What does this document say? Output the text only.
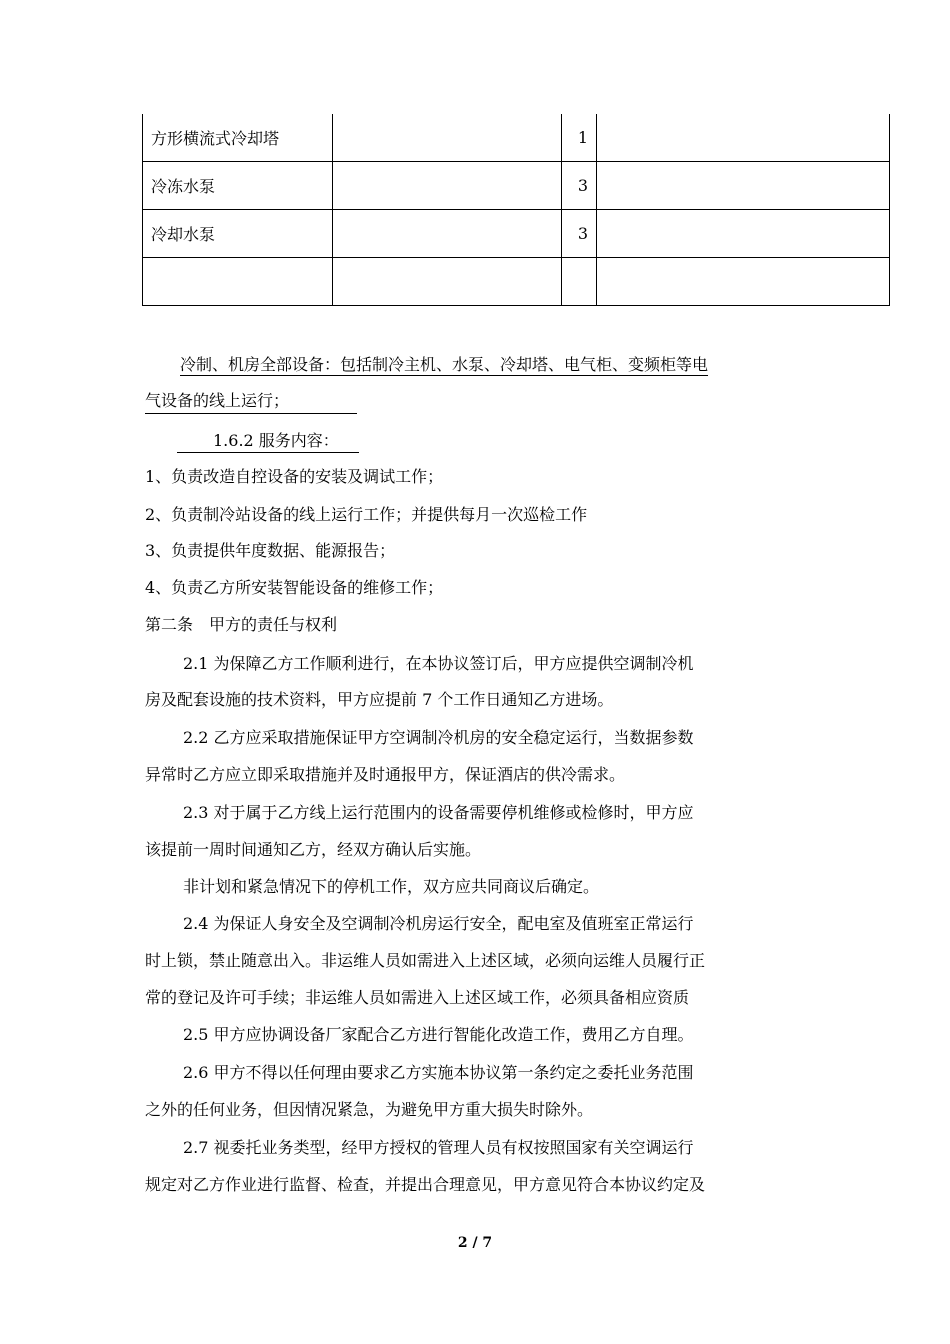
方形横流式冷却塔		1	
冷冻水泵		3	
冷却水泵		3	

冷制、机房全部设备：包括制冷主机、水泵、冷却塔、电气柜、变频柜等电
气设备的线上运行；
1.6.2 服务内容：
1、负责改造自控设备的安装及调试工作；
2、负责制冷站设备的线上运行工作；并提供每月一次巡检工作
3、负责提供年度数据、能源报告；
4、负责乙方所安装智能设备的维修工作；
第二条　甲方的责任与权利
2.1 为保障乙方工作顺利进行，在本协议签订后，甲方应提供空调制冷机
房及配套设施的技术资料，甲方应提前 7 个工作日通知乙方进场。
2.2 乙方应采取措施保证甲方空调制冷机房的安全稳定运行，当数据参数
异常时乙方应立即采取措施并及时通报甲方，保证酒店的供冷需求。
2.3 对于属于乙方线上运行范围内的设备需要停机维修或检修时，甲方应
该提前一周时间通知乙方，经双方确认后实施。
非计划和紧急情况下的停机工作，双方应共同商议后确定。
2.4 为保证人身安全及空调制冷机房运行安全，配电室及值班室正常运行
时上锁，禁止随意出入。非运维人员如需进入上述区域，必须向运维人员履行正
常的登记及许可手续；非运维人员如需进入上述区域工作，必须具备相应资质
2.5 甲方应协调设备厂家配合乙方进行智能化改造工作，费用乙方自理。
2.6 甲方不得以任何理由要求乙方实施本协议第一条约定之委托业务范围
之外的任何业务，但因情况紧急，为避免甲方重大损失时除外。
2.7 视委托业务类型，经甲方授权的管理人员有权按照国家有关空调运行
规定对乙方作业进行监督、检查，并提出合理意见，甲方意见符合本协议约定及
2 / 7
